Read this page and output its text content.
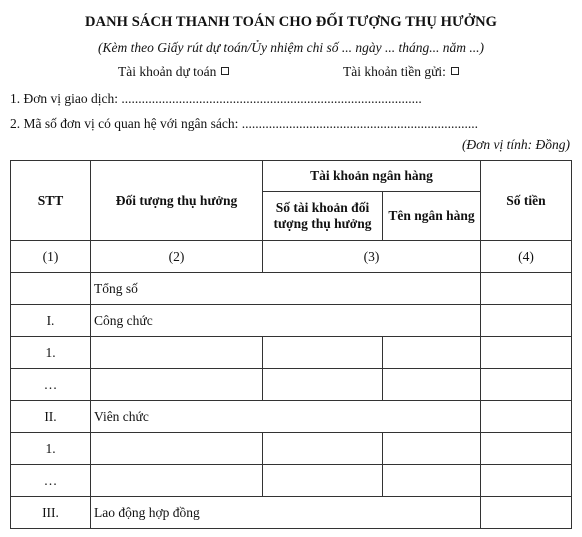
DANH SÁCH THANH TOÁN CHO ĐỐI TƯỢNG THỤ HƯỞNG
(Kèm theo Giấy rút dự toán/Ủy nhiệm chi số ... ngày ... tháng... năm ...)
Tài khoản dự toán	Tài khoản tiền gửi:
1. Đơn vị giao dịch: .........................................................................................
2. Mã số đơn vị có quan hệ với ngân sách: ......................................................................
(Đơn vị tính: Đồng)
STT	Đối tượng thụ hưởng	Tài khoản ngân hàng		Số tiền
		Số tài khoản đối tượng thụ hưởng	Tên ngân hàng	
(1)	(2)	(3)		(4)
	Tổng số			
I.	Công chức			
1.				
…				
II.	Viên chức			
1.				
…				
III.	Lao động hợp đồng			
